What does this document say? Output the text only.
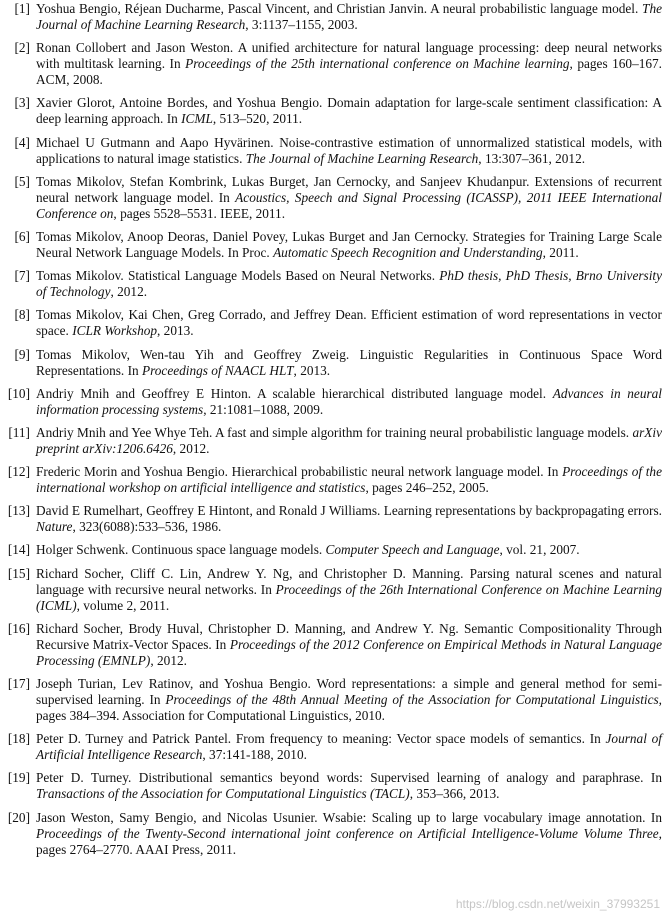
[1] Yoshua Bengio, Réjean Ducharme, Pascal Vincent, and Christian Janvin. A neural probabilistic language model. The Journal of Machine Learning Research, 3:1137–1155, 2003.
[2] Ronan Collobert and Jason Weston. A unified architecture for natural language processing: deep neural networks with multitask learning. In Proceedings of the 25th international conference on Machine learning, pages 160–167. ACM, 2008.
[3] Xavier Glorot, Antoine Bordes, and Yoshua Bengio. Domain adaptation for large-scale sentiment classification: A deep learning approach. In ICML, 513–520, 2011.
[4] Michael U Gutmann and Aapo Hyvärinen. Noise-contrastive estimation of unnormalized statistical models, with applications to natural image statistics. The Journal of Machine Learning Research, 13:307–361, 2012.
[5] Tomas Mikolov, Stefan Kombrink, Lukas Burget, Jan Cernocky, and Sanjeev Khudanpur. Extensions of recurrent neural network language model. In Acoustics, Speech and Signal Processing (ICASSP), 2011 IEEE International Conference on, pages 5528–5531. IEEE, 2011.
[6] Tomas Mikolov, Anoop Deoras, Daniel Povey, Lukas Burget and Jan Cernocky. Strategies for Training Large Scale Neural Network Language Models. In Proc. Automatic Speech Recognition and Understanding, 2011.
[7] Tomas Mikolov. Statistical Language Models Based on Neural Networks. PhD thesis, PhD Thesis, Brno University of Technology, 2012.
[8] Tomas Mikolov, Kai Chen, Greg Corrado, and Jeffrey Dean. Efficient estimation of word representations in vector space. ICLR Workshop, 2013.
[9] Tomas Mikolov, Wen-tau Yih and Geoffrey Zweig. Linguistic Regularities in Continuous Space Word Representations. In Proceedings of NAACL HLT, 2013.
[10] Andriy Mnih and Geoffrey E Hinton. A scalable hierarchical distributed language model. Advances in neural information processing systems, 21:1081–1088, 2009.
[11] Andriy Mnih and Yee Whye Teh. A fast and simple algorithm for training neural probabilistic language models. arXiv preprint arXiv:1206.6426, 2012.
[12] Frederic Morin and Yoshua Bengio. Hierarchical probabilistic neural network language model. In Proceedings of the international workshop on artificial intelligence and statistics, pages 246–252, 2005.
[13] David E Rumelhart, Geoffrey E Hintont, and Ronald J Williams. Learning representations by backpropagating errors. Nature, 323(6088):533–536, 1986.
[14] Holger Schwenk. Continuous space language models. Computer Speech and Language, vol. 21, 2007.
[15] Richard Socher, Cliff C. Lin, Andrew Y. Ng, and Christopher D. Manning. Parsing natural scenes and natural language with recursive neural networks. In Proceedings of the 26th International Conference on Machine Learning (ICML), volume 2, 2011.
[16] Richard Socher, Brody Huval, Christopher D. Manning, and Andrew Y. Ng. Semantic Compositionality Through Recursive Matrix-Vector Spaces. In Proceedings of the 2012 Conference on Empirical Methods in Natural Language Processing (EMNLP), 2012.
[17] Joseph Turian, Lev Ratinov, and Yoshua Bengio. Word representations: a simple and general method for semi-supervised learning. In Proceedings of the 48th Annual Meeting of the Association for Computational Linguistics, pages 384–394. Association for Computational Linguistics, 2010.
[18] Peter D. Turney and Patrick Pantel. From frequency to meaning: Vector space models of semantics. In Journal of Artificial Intelligence Research, 37:141-188, 2010.
[19] Peter D. Turney. Distributional semantics beyond words: Supervised learning of analogy and paraphrase. In Transactions of the Association for Computational Linguistics (TACL), 353–366, 2013.
[20] Jason Weston, Samy Bengio, and Nicolas Usunier. Wsabie: Scaling up to large vocabulary image annotation. In Proceedings of the Twenty-Second international joint conference on Artificial Intelligence-Volume Volume Three, pages 2764–2770. AAAI Press, 2011.
https://blog.csdn.net/weixin_37993251
